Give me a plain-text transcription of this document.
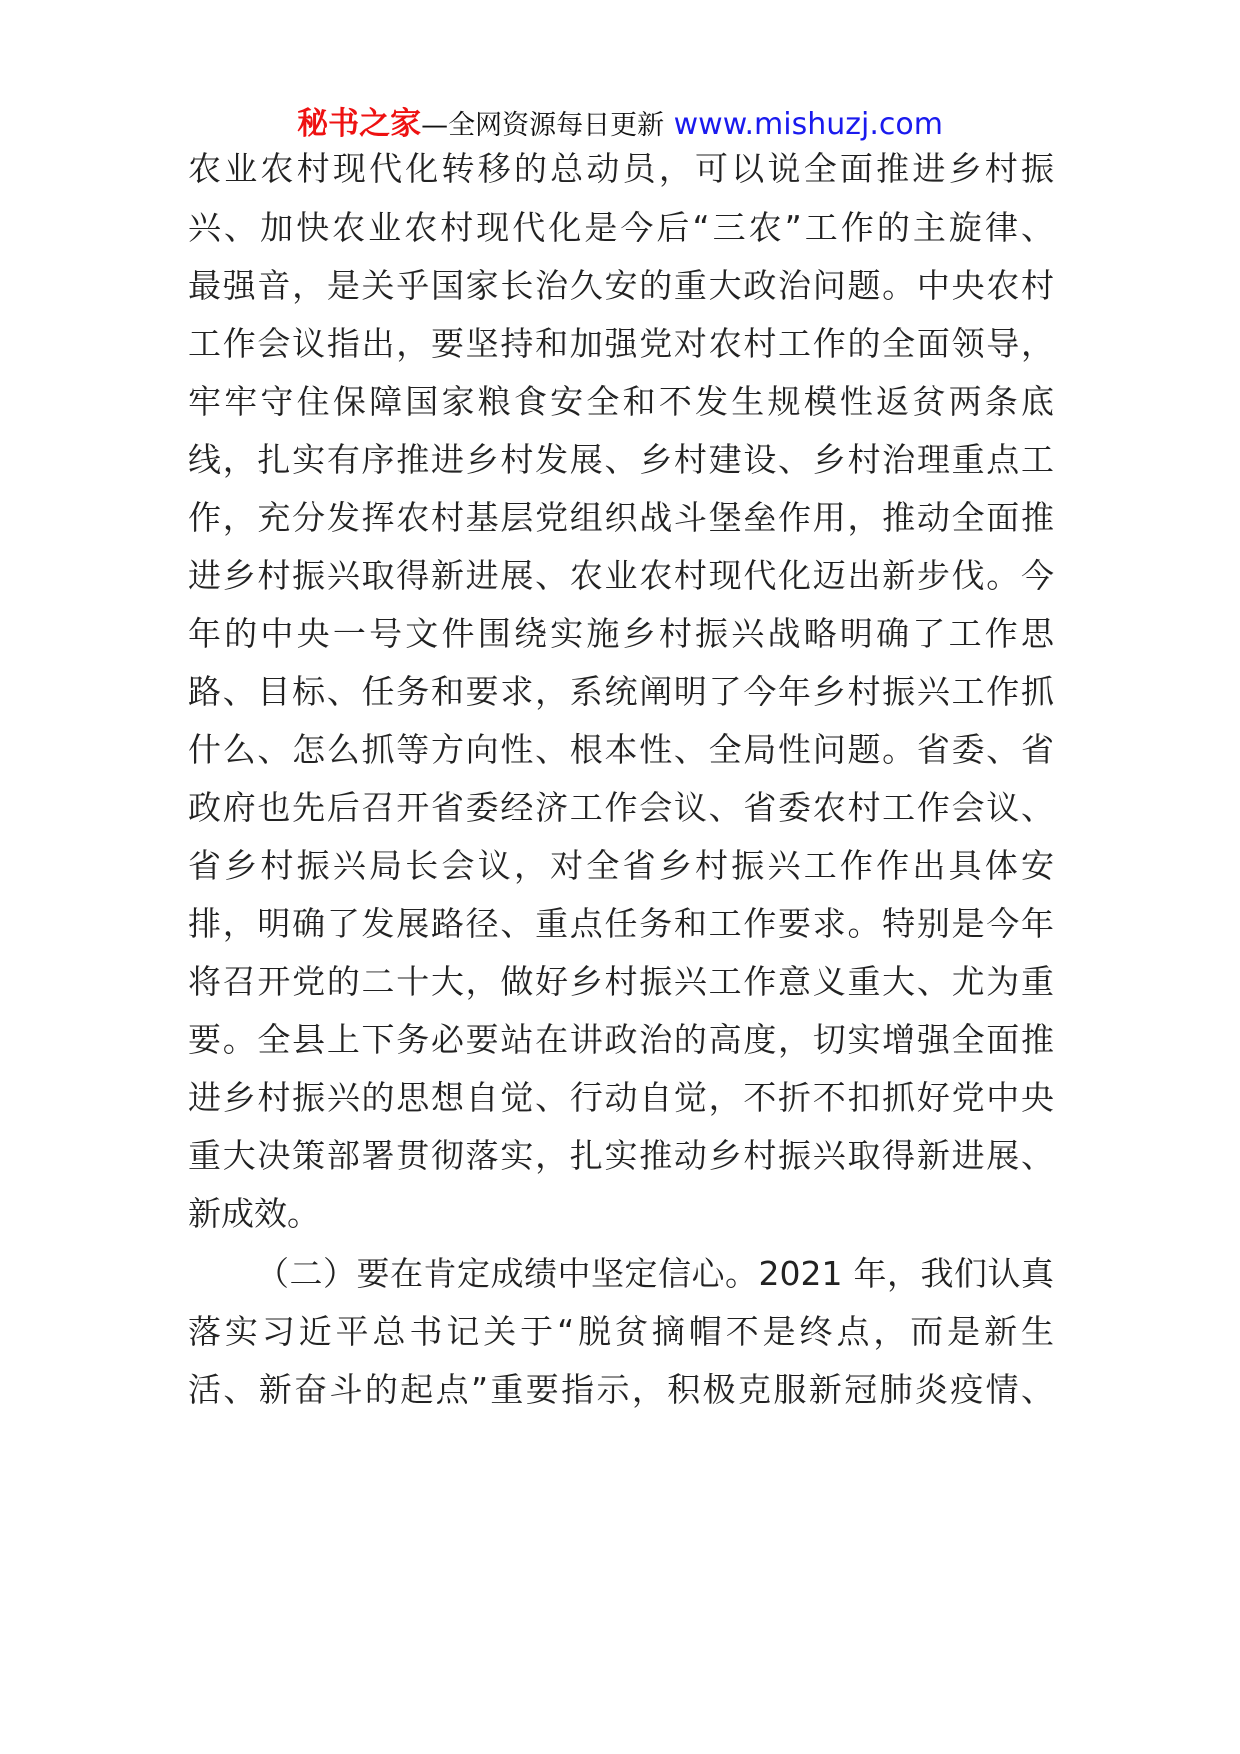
秘书之家—全网资源每日更新 www.mishuzj.com
农业农村现代化转移的总动员，可以说全面推进乡村振
兴、加快农业农村现代化是今后“三农”工作的主旋律、
最强音，是关乎国家长治久安的重大政治问题。中央农村
工作会议指出，要坚持和加强党对农村工作的全面领导，
牢牢守住保障国家粮食安全和不发生规模性返贫两条底
线，扎实有序推进乡村发展、乡村建设、乡村治理重点工
作，充分发挥农村基层党组织战斗堡垒作用，推动全面推
进乡村振兴取得新进展、农业农村现代化迈出新步伐。今
年的中央一号文件围绕实施乡村振兴战略明确了工作思
路、目标、任务和要求，系统阐明了今年乡村振兴工作抓
什么、怎么抓等方向性、根本性、全局性问题。省委、省
政府也先后召开省委经济工作会议、省委农村工作会议、
省乡村振兴局长会议，对全省乡村振兴工作作出具体安
排，明确了发展路径、重点任务和工作要求。特别是今年
将召开党的二十大，做好乡村振兴工作意义重大、尤为重
要。全县上下务必要站在讲政治的高度，切实增强全面推
进乡村振兴的思想自觉、行动自觉，不折不扣抓好党中央
重大决策部署贯彻落实，扎实推动乡村振兴取得新进展、
新成效。
（二）要在肯定成绩中坚定信心。2021 年，我们认真
落实习近平总书记关于“脱贫摘帽不是终点，而是新生
活、新奋斗的起点”重要指示，积极克服新冠肺炎疫情、
